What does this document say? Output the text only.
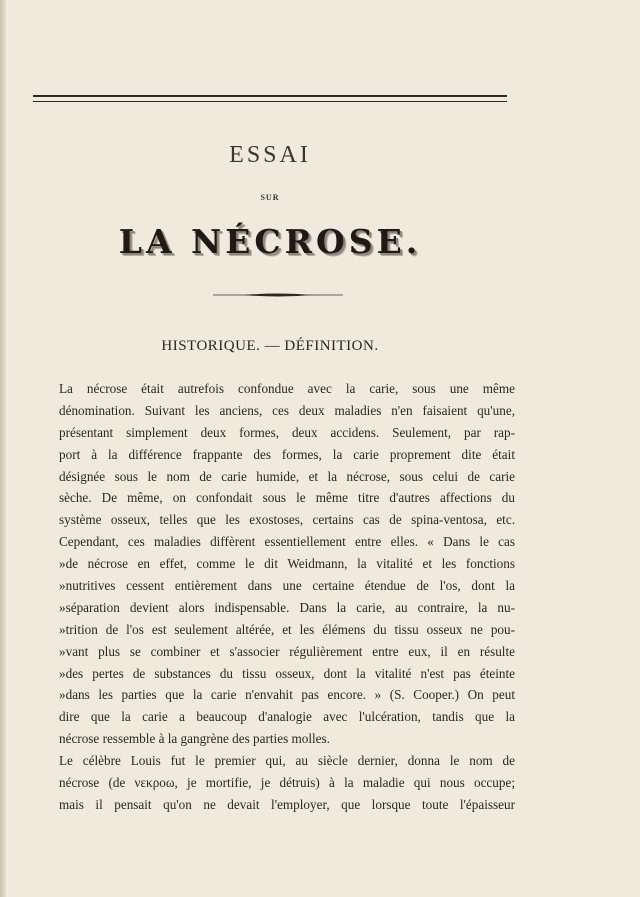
ESSAI
SUR
LA NÉCROSE.
HISTORIQUE. — DÉFINITION.
La nécrose était autrefois confondue avec la carie, sous une même
dénomination. Suivant les anciens, ces deux maladies n'en faisaient qu'une,
présentant simplement deux formes, deux accidens. Seulement, par rap-
port à la différence frappante des formes, la carie proprement dite était
désignée sous le nom de carie humide, et la nécrose, sous celui de carie
sèche. De même, on confondait sous le même titre d'autres affections du
système osseux, telles que les exostoses, certains cas de spina-ventosa, etc.
Cependant, ces maladies diffèrent essentiellement entre elles. « Dans le cas
»de nécrose en effet, comme le dit Weidmann, la vitalité et les fonctions
»nutritives cessent entièrement dans une certaine étendue de l'os, dont la
»séparation devient alors indispensable. Dans la carie, au contraire, la nu-
»trition de l'os est seulement altérée, et les élémens du tissu osseux ne pou-
»vant plus se combiner et s'associer régulièrement entre eux, il en résulte
»des pertes de substances du tissu osseux, dont la vitalité n'est pas éteinte
»dans les parties que la carie n'envahit pas encore. » (S. Cooper.) On peut
dire que la carie a beaucoup d'analogie avec l'ulcération, tandis que la
nécrose ressemble à la gangrène des parties molles.
Le célèbre Louis fut le premier qui, au siècle dernier, donna le nom de
nécrose (de νεκροω, je mortifie, je détruis) à la maladie qui nous occupe;
mais il pensait qu'on ne devait l'employer, que lorsque toute l'épaisseur
